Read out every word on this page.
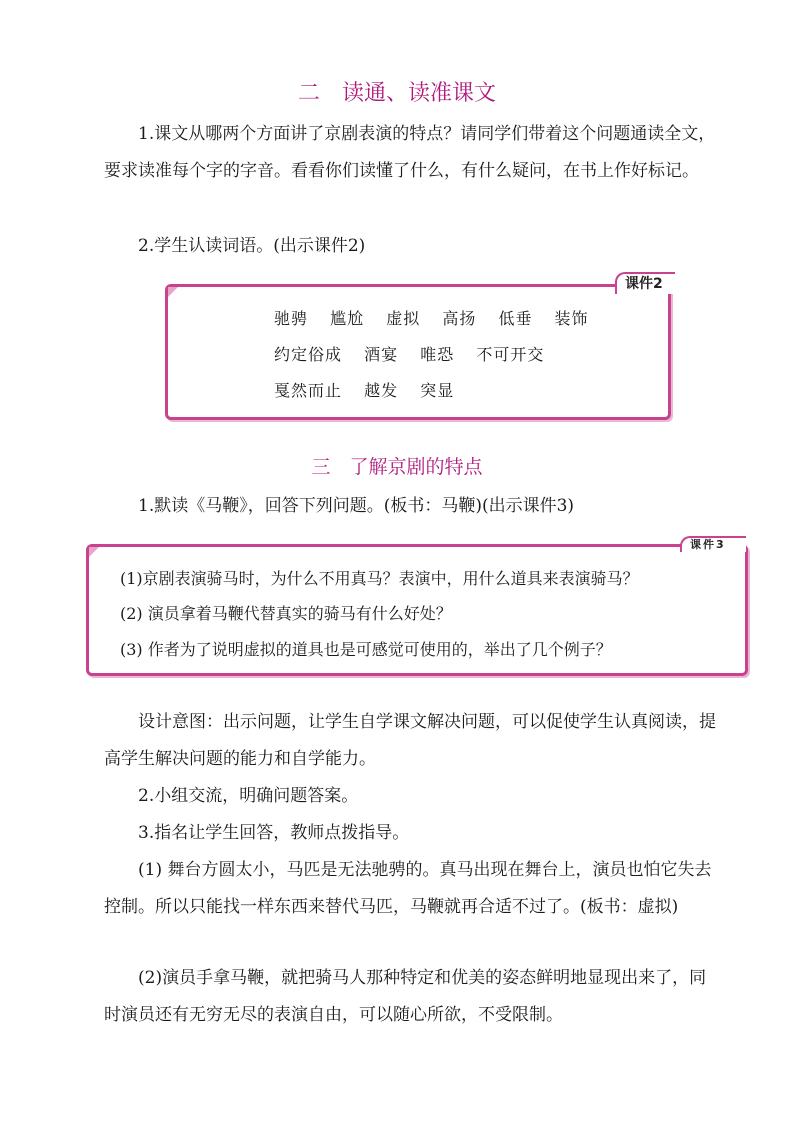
二　读通、读准课文

1.课文从哪两个方面讲了京剧表演的特点？请同学们带着这个问题通读全文，要求读准每个字的字音。看看你们读懂了什么，有什么疑问，在书上作好标记。

2.学生认读词语。(出示课件2)

课件2
驰骋 尴尬 虚拟 高扬 低垂 装饰
约定俗成 酒宴 唯恐 不可开交
戛然而止 越发 突显
三　了解京剧的特点

1.默读《马鞭》，回答下列问题。(板书：马鞭)(出示课件3)

课件3
(1)京剧表演骑马时，为什么不用真马？表演中，用什么道具来表演骑马？
(2) 演员拿着马鞭代替真实的骑马有什么好处？
(3) 作者为了说明虚拟的道具也是可感觉可使用的，举出了几个例子？

设计意图：出示问题，让学生自学课文解决问题，可以促使学生认真阅读，提高学生解决问题的能力和自学能力。

2.小组交流，明确问题答案。

3.指名让学生回答，教师点拨指导。

(1) 舞台方圆太小，马匹是无法驰骋的。真马出现在舞台上，演员也怕它失去控制。所以只能找一样东西来替代马匹，马鞭就再合适不过了。(板书：虚拟)

(2)演员手拿马鞭，就把骑马人那种特定和优美的姿态鲜明地显现出来了，同时演员还有无穷无尽的表演自由，可以随心所欲，不受限制。
